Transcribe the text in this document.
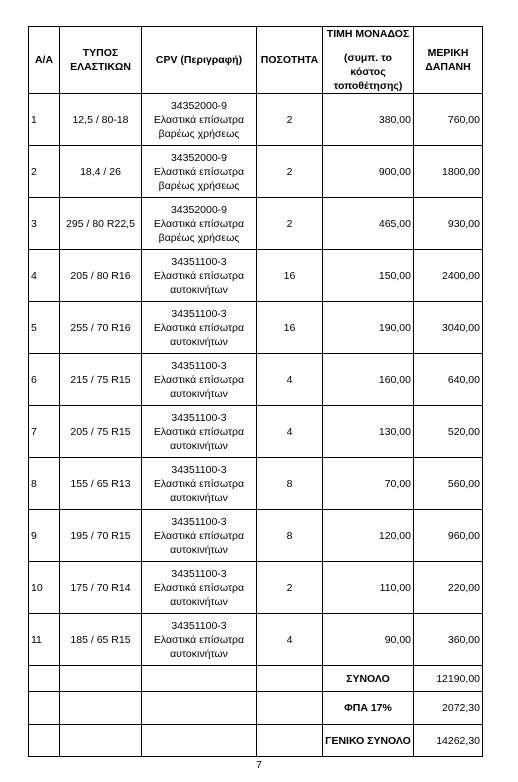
Α/Α	ΤΥΠΟΣ
ΕΛΑΣΤΙΚΩΝ	CPV (Περιγραφή)	ΠΟΣΟΤΗΤΑ	ΤΙΜΗ ΜΟΝΑΔΟΣ
(συμπ. το κόστος
τοποθέτησης)	ΜΕΡΙΚΗ
ΔΑΠΑΝΗ

1	12,5 / 80-18	34352000-9
Ελαστικά επίσωτρα
βαρέως χρήσεως	2	380,00	760,00
2	18,4 / 26	34352000-9
Ελαστικά επίσωτρα
βαρέως χρήσεως	2	900,00	1800,00
3	295 / 80 R22,5	34352000-9
Ελαστικά επίσωτρα
βαρέως χρήσεως	2	465,00	930,00
4	205 / 80 R16	34351100-3
Ελαστικά επίσωτρα
αυτοκινήτων	16	150,00	2400,00
5	255 / 70 R16	34351100-3
Ελαστικά επίσωτρα
αυτοκινήτων	16	190,00	3040,00
6	215 / 75 R15	34351100-3
Ελαστικά επίσωτρα
αυτοκινήτων	4	160,00	640,00
7	205 / 75 R15	34351100-3
Ελαστικά επίσωτρα
αυτοκινήτων	4	130,00	520,00
8	155 / 65 R13	34351100-3
Ελαστικά επίσωτρα
αυτοκινήτων	8	70,00	560,00
9	195 / 70 R15	34351100-3
Ελαστικά επίσωτρα
αυτοκινήτων	8	120,00	960,00
10	175 / 70 R14	34351100-3
Ελαστικά επίσωτρα
αυτοκινήτων	2	110,00	220,00
11	185 / 65 R15	34351100-3
Ελαστικά επίσωτρα
αυτοκινήτων	4	90,00	360,00
				ΣΥΝΟΛΟ	12190,00
				ΦΠΑ 17%	2072,30
				ΓΕΝΙΚΟ ΣΥΝΟΛΟ	14262,30
7
